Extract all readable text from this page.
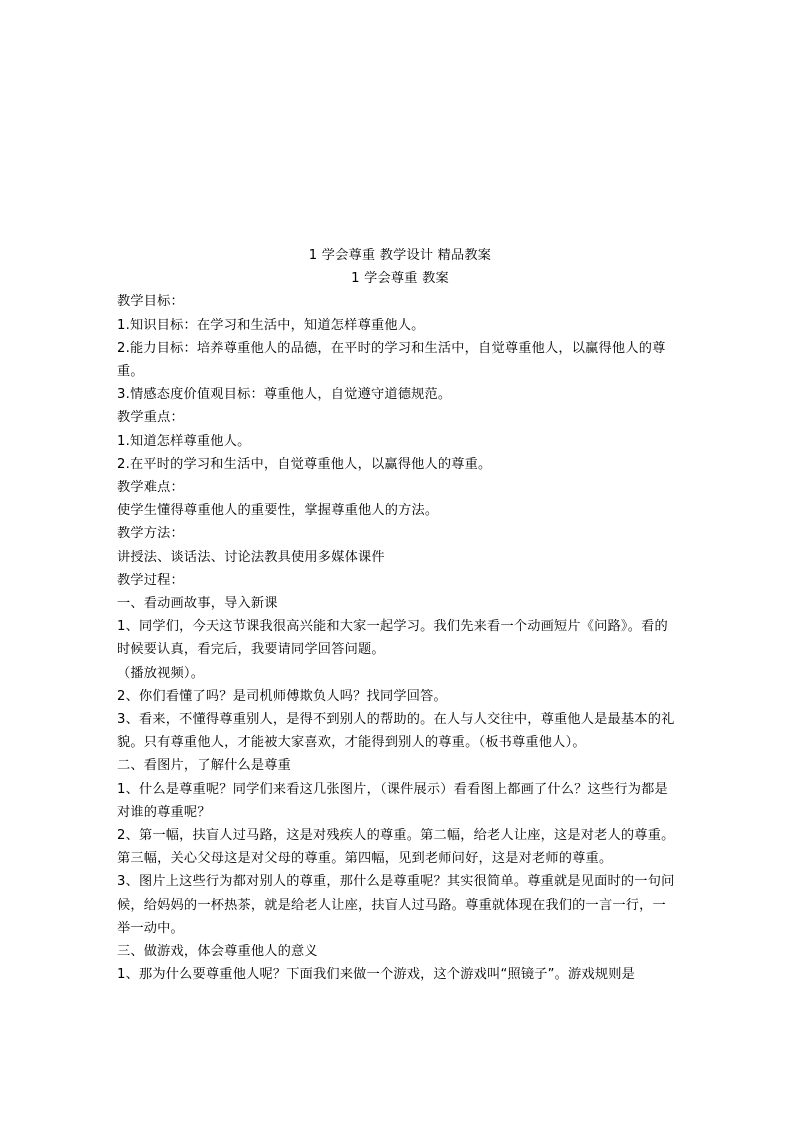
1 学会尊重 教学设计 精品教案
1 学会尊重 教案
教学目标：
1.知识目标：在学习和生活中，知道怎样尊重他人。
2.能力目标：培养尊重他人的品德，在平时的学习和生活中，自觉尊重他人，以赢得他人的尊重。
3.情感态度价值观目标：尊重他人，自觉遵守道德规范。
教学重点：
1.知道怎样尊重他人。
2.在平时的学习和生活中，自觉尊重他人，以赢得他人的尊重。
教学难点：
使学生懂得尊重他人的重要性，掌握尊重他人的方法。
教学方法：
讲授法、谈话法、讨论法教具使用多媒体课件
教学过程：
一、看动画故事，导入新课
1、同学们，今天这节课我很高兴能和大家一起学习。我们先来看一个动画短片《问路》。看的时候要认真，看完后，我要请同学回答问题。
（播放视频）。
2、你们看懂了吗？是司机师傅欺负人吗？找同学回答。
3、看来，不懂得尊重别人，是得不到别人的帮助的。在人与人交往中，尊重他人是最基本的礼貌。只有尊重他人，才能被大家喜欢，才能得到别人的尊重。（板书尊重他人）。
二、看图片，了解什么是尊重
1、什么是尊重呢？同学们来看这几张图片，（课件展示）看看图上都画了什么？这些行为都是对谁的尊重呢？
2、第一幅，扶盲人过马路，这是对残疾人的尊重。第二幅，给老人让座，这是对老人的尊重。第三幅，关心父母这是对父母的尊重。第四幅，见到老师问好，这是对老师的尊重。
3、图片上这些行为都对别人的尊重，那什么是尊重呢？其实很简单。尊重就是见面时的一句问候，给妈妈的一杯热茶，就是给老人让座，扶盲人过马路。尊重就体现在我们的一言一行，一举一动中。
三、做游戏，体会尊重他人的意义
1、那为什么要尊重他人呢？下面我们来做一个游戏，这个游戏叫“照镜子”。游戏规则是
